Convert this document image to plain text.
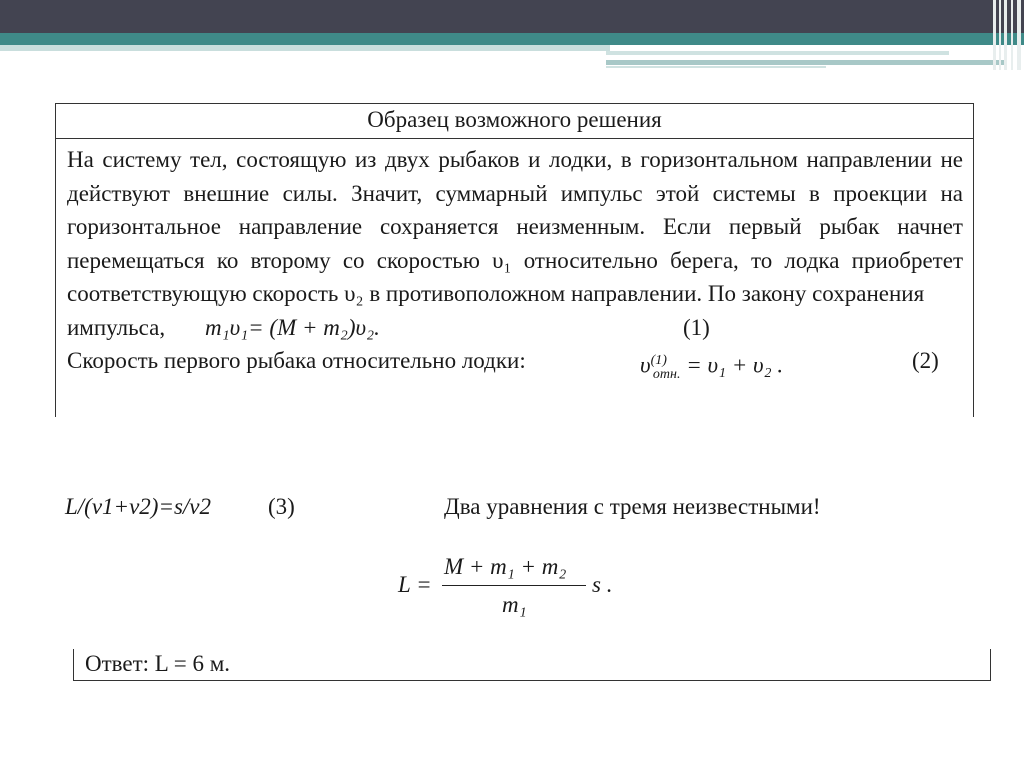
Образец возможного решения

На систему тел, состоящую из двух рыбаков и лодки, в горизонтальном направлении не действуют внешние силы. Значит, суммарный импульс этой системы в проекции на горизонтальное направление сохраняется неизменным. Если первый рыбак начнет перемещаться ко второму со скоростью υ₁ относительно берега, то лодка приобретет соответствующую скорость υ₂ в противоположном направлении. По закону сохранения

импульса, m₁υ₁= (M + m₂)υ₂.	(1)
Скорость первого рыбака относительно лодки:	$\upsilon^{(1)}_{отн.} = \upsilon_1 + \upsilon_2$ .	(2)
L/(v1+v2)=s/v2 (3)	Два уравнения с тремя неизвестными!
L =
M + m₁ + m₂
m₁
s .
Ответ: L = 6 м.
